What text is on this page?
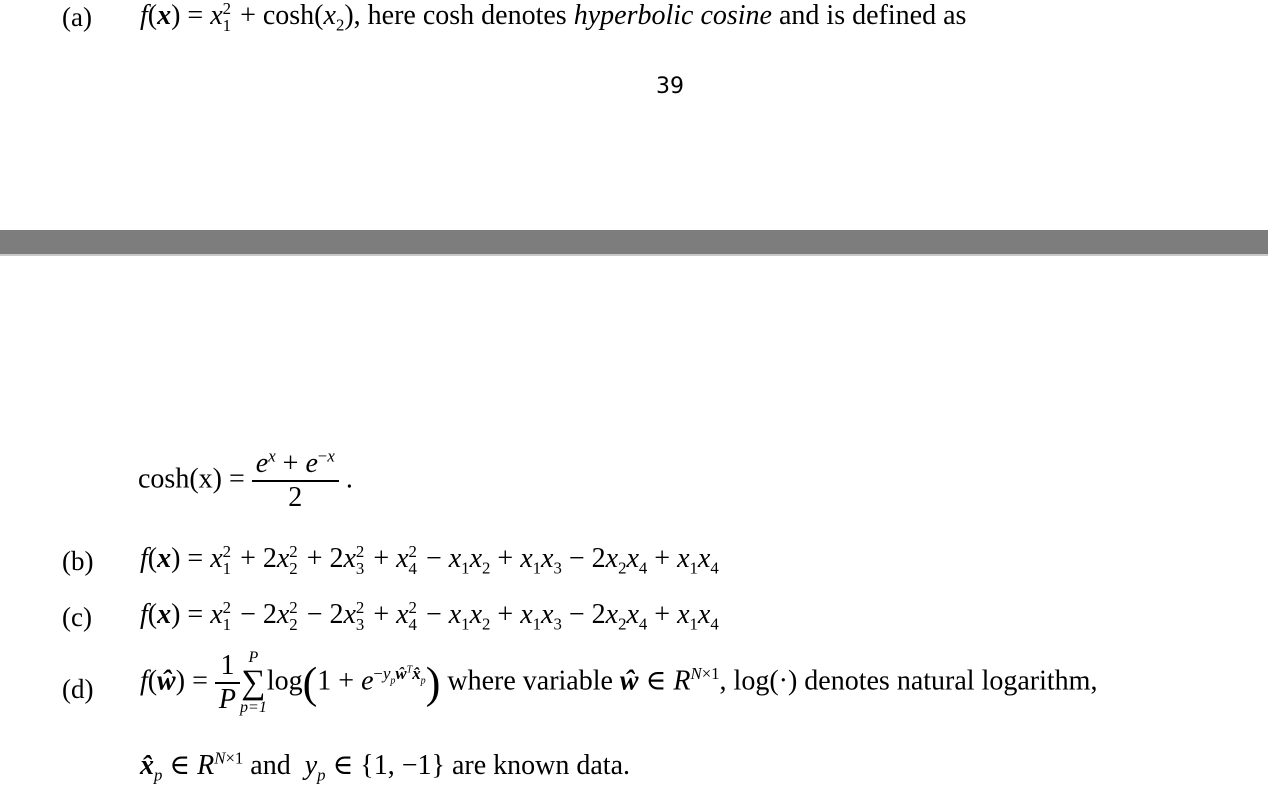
(a) f(x) = x 2
$1 + \cosh(x_2)$, here cosh denotes hyperbolic cosine and is defined as
39
$\cosh(x) = \frac{e^x + e^{-x}}{2}$ .
(b) f(x) = x 2
1 + 2x 2
2 + 2x 2
3 + x 2
$4 - x_1x_2 + x_1x_3 - 2x_2x_4 + x_1x_4$
(c) f(x) = x 2
1 − 2x 2
2 − 2x 2
3 + x 2
$4 - x_1x_2 + x_1x_3 - 2x_2x_4 + x_1x_4$
(d) f(ŵ) = $\frac{1}{P}$ P
∑
p=1
$\log(1 + e^{-y_pŵ^Tx̂_p})$ where variable ŵ ∈ $R^{N\times 1}$, log(·) denotes natural logarithm,
$x̂_p$ ∈ $R^{N\times 1}$ and $y_p$ ∈ {1, −1} are known data.
